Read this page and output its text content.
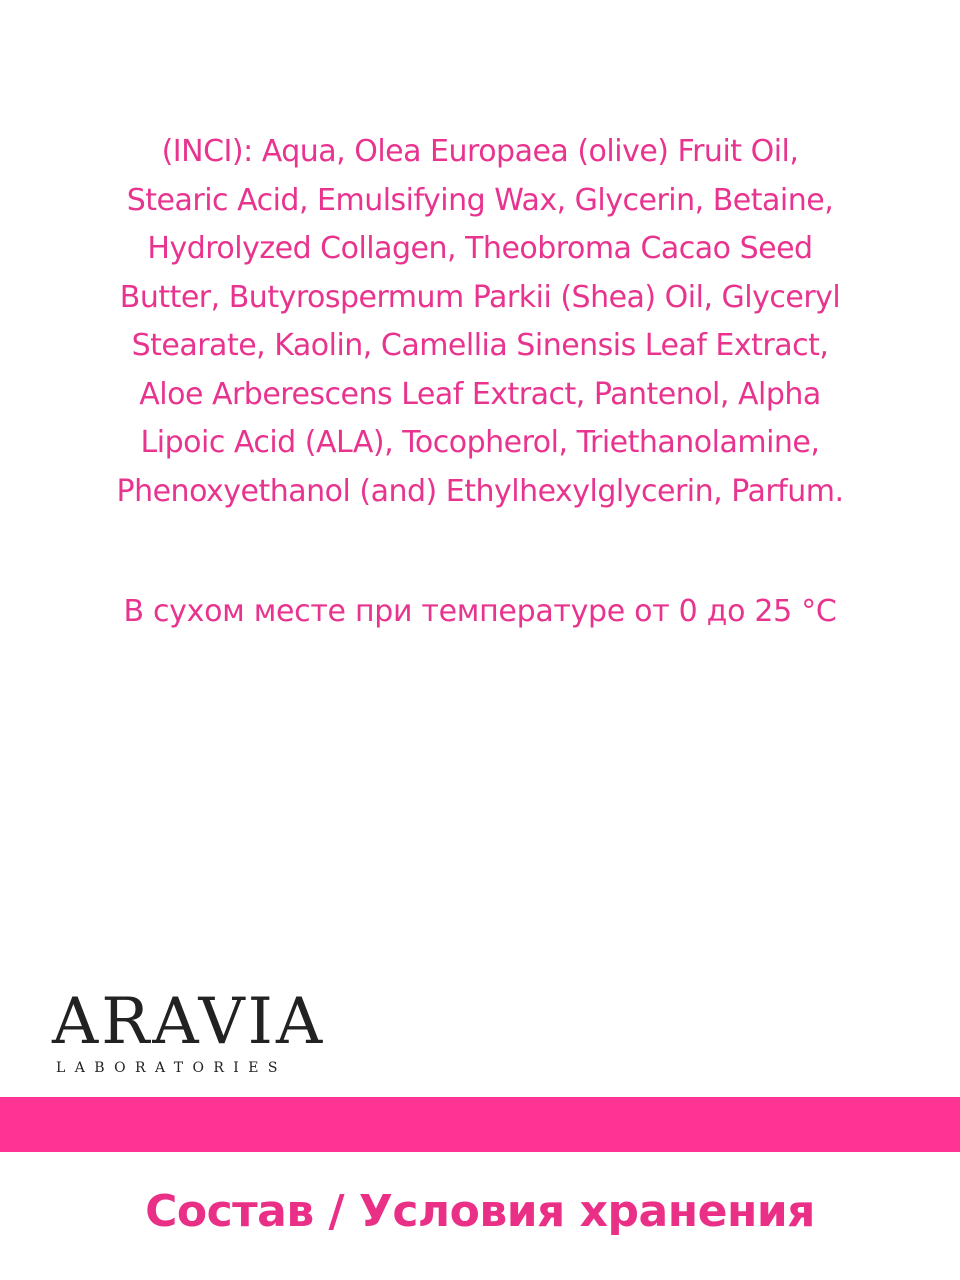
(INCI): Aqua, Olea Europaea (olive) Fruit Oil,
Stearic Acid, Emulsifying Wax, Glycerin, Betaine,
Hydrolyzed Collagen, Theobroma Cacao Seed
Butter, Butyrospermum Parkii (Shea) Oil, Glyceryl
Stearate, Kaolin, Camellia Sinensis Leaf Extract,
Aloe Arberescens Leaf Extract, Pantenol, Alpha
Lipoic Acid (ALA), Tocopherol, Triethanolamine,
Phenoxyethanol (and) Ethylhexylglycerin, Parfum.
В сухом месте при температуре от 0 до 25 °С
ARAVIA
LABORATORIES
Состав / Условия хранения
